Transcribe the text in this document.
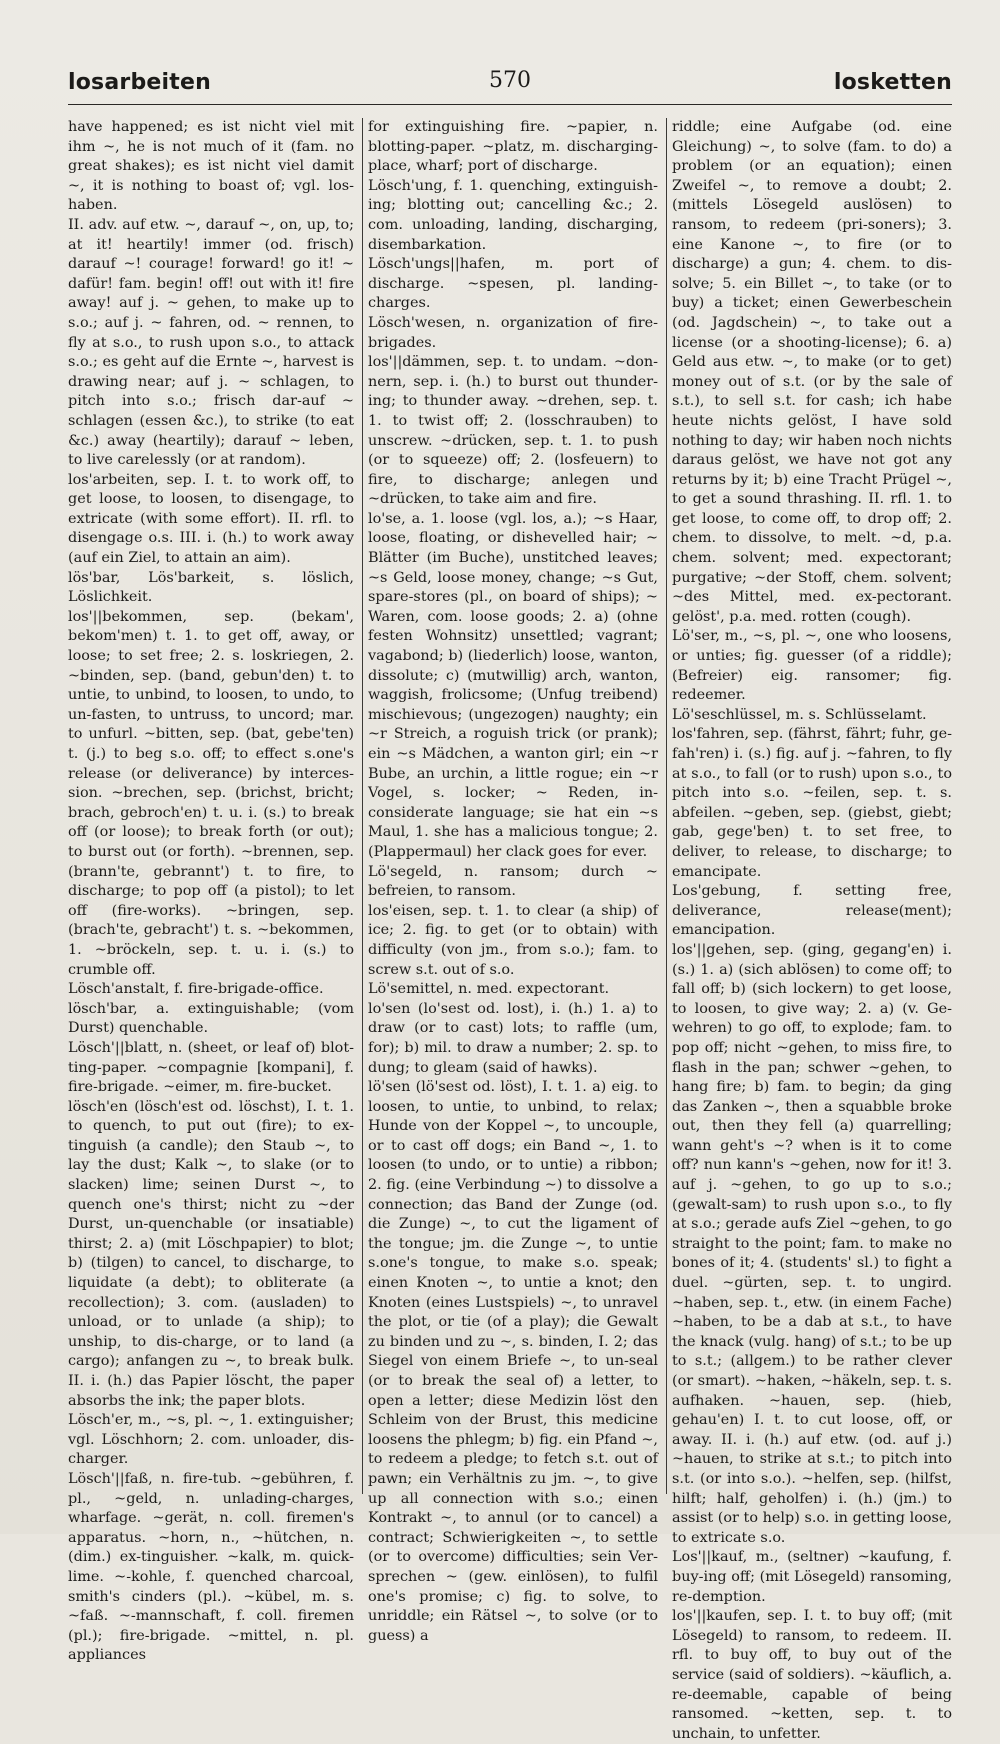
losarbeiten	570	losketten

have happened; es ist nicht viel mit ihm ~, he is not much of it (fam. no great shakes); es ist nicht viel damit ~, it is nothing to boast of; vgl. los-haben.

II. adv. auf etw. ~, darauf ~, on, up, to; at it! heartily! immer (od. frisch) darauf ~! courage! forward! go it! ~ dafür! fam. begin! off! out with it! fire away! auf j. ~ gehen, to make up to s.o.; auf j. ~ fahren, od. ~ rennen, to fly at s.o., to rush upon s.o., to attack s.o.; es geht auf die Ernte ~, harvest is drawing near; auf j. ~ schlagen, to pitch into s.o.; frisch dar-auf ~ schlagen (essen &c.), to strike (to eat &c.) away (heartily); darauf ~ leben, to live carelessly (or at random).

los'arbeiten, sep. I. t. to work off, to get loose, to loosen, to disengage, to extricate (with some effort). II. rfl. to disengage o.s. III. i. (h.) to work away (auf ein Ziel, to attain an aim).

lös'bar, Lös'barkeit, s. löslich, Löslichkeit.

los'||bekommen, sep. (bekam', bekom'men) t. 1. to get off, away, or loose; to set free; 2. s. loskriegen, 2. ~binden, sep. (band, gebun'den) t. to untie, to unbind, to loosen, to undo, to un-fasten, to untruss, to uncord; mar. to unfurl. ~bitten, sep. (bat, gebe'ten) t. (j.) to beg s.o. off; to effect s.one's release (or deliverance) by interces-sion. ~brechen, sep. (brichst, bricht; brach, gebroch'en) t. u. i. (s.) to break off (or loose); to break forth (or out); to burst out (or forth). ~brennen, sep. (brann'te, gebrannt') t. to fire, to discharge; to pop off (a pistol); to let off (fire-works). ~bringen, sep. (brach'te, gebracht') t. s. ~bekommen, 1. ~bröckeln, sep. t. u. i. (s.) to crumble off.

Lösch'anstalt, f. fire-brigade-office.

lösch'bar, a. extinguishable; (vom Durst) quenchable.

Lösch'||blatt, n. (sheet, or leaf of) blot-ting-paper. ~compagnie [kompani], f. fire-brigade. ~eimer, m. fire-bucket.

lösch'en (lösch'est od. löschst), I. t. 1. to quench, to put out (fire); to ex-tinguish (a candle); den Staub ~, to lay the dust; Kalk ~, to slake (or to slacken) lime; seinen Durst ~, to quench one's thirst; nicht zu ~der Durst, un-quenchable (or insatiable) thirst; 2. a) (mit Löschpapier) to blot; b) (tilgen) to cancel, to discharge, to liquidate (a debt); to obliterate (a recollection); 3. com. (ausladen) to unload, or to unlade (a ship); to unship, to dis-charge, or to land (a cargo); anfangen zu ~, to break bulk. II. i. (h.) das Papier löscht, the paper absorbs the ink; the paper blots.

Lösch'er, m., ~s, pl. ~, 1. extinguisher; vgl. Löschhorn; 2. com. unloader, dis-charger.

Lösch'||faß, n. fire-tub. ~gebühren, f. pl., ~geld, n. unlading-charges, wharfage. ~gerät, n. coll. firemen's apparatus. ~horn, n., ~hütchen, n. (dim.) ex-tinguisher. ~kalk, m. quick-lime. ~-kohle, f. quenched charcoal, smith's cinders (pl.). ~kübel, m. s. ~faß. ~-mannschaft, f. coll. firemen (pl.); fire-brigade. ~mittel, n. pl. appliances

for extinguishing fire. ~papier, n. blotting-paper. ~platz, m. discharging-place, wharf; port of discharge.

Lösch'ung, f. 1. quenching, extinguish-ing; blotting out; cancelling &c.; 2. com. unloading, landing, discharging, disembarkation.

Lösch'ungs||hafen, m. port of discharge. ~spesen, pl. landing-charges.

Lösch'wesen, n. organization of fire-brigades.

los'||dämmen, sep. t. to undam. ~don-nern, sep. i. (h.) to burst out thunder-ing; to thunder away. ~drehen, sep. t. 1. to twist off; 2. (losschrauben) to unscrew. ~drücken, sep. t. 1. to push (or to squeeze) off; 2. (losfeuern) to fire, to discharge; anlegen und ~drücken, to take aim and fire.

lo'se, a. 1. loose (vgl. los, a.); ~s Haar, loose, floating, or dishevelled hair; ~ Blätter (im Buche), unstitched leaves; ~s Geld, loose money, change; ~s Gut, spare-stores (pl., on board of ships); ~ Waren, com. loose goods; 2. a) (ohne festen Wohnsitz) unsettled; vagrant; vagabond; b) (liederlich) loose, wanton, dissolute; c) (mutwillig) arch, wanton, waggish, frolicsome; (Unfug treibend) mischievous; (ungezogen) naughty; ein ~r Streich, a roguish trick (or prank); ein ~s Mädchen, a wanton girl; ein ~r Bube, an urchin, a little rogue; ein ~r Vogel, s. locker; ~ Reden, in-considerate language; sie hat ein ~s Maul, 1. she has a malicious tongue; 2. (Plappermaul) her clack goes for ever.

Lö'segeld, n. ransom; durch ~ befreien, to ransom.

los'eisen, sep. t. 1. to clear (a ship) of ice; 2. fig. to get (or to obtain) with difficulty (von jm., from s.o.); fam. to screw s.t. out of s.o.

Lö'semittel, n. med. expectorant.

lo'sen (lo'sest od. lost), i. (h.) 1. a) to draw (or to cast) lots; to raffle (um, for); b) mil. to draw a number; 2. sp. to dung; to gleam (said of hawks).

lö'sen (lö'sest od. löst), I. t. 1. a) eig. to loosen, to untie, to unbind, to relax; Hunde von der Koppel ~, to uncouple, or to cast off dogs; ein Band ~, 1. to loosen (to undo, or to untie) a ribbon; 2. fig. (eine Verbindung ~) to dissolve a connection; das Band der Zunge (od. die Zunge) ~, to cut the ligament of the tongue; jm. die Zunge ~, to untie s.one's tongue, to make s.o. speak; einen Knoten ~, to untie a knot; den Knoten (eines Lustspiels) ~, to unravel the plot, or tie (of a play); die Gewalt zu binden und zu ~, s. binden, I. 2; das Siegel von einem Briefe ~, to un-seal (or to break the seal of) a letter, to open a letter; diese Medizin löst den Schleim von der Brust, this medicine loosens the phlegm; b) fig. ein Pfand ~, to redeem a pledge; to fetch s.t. out of pawn; ein Verhältnis zu jm. ~, to give up all connection with s.o.; einen Kontrakt ~, to annul (or to cancel) a contract; Schwierigkeiten ~, to settle (or to overcome) difficulties; sein Ver-sprechen ~ (gew. einlösen), to fulfil one's promise; c) fig. to solve, to unriddle; ein Rätsel ~, to solve (or to guess) a

riddle; eine Aufgabe (od. eine Gleichung) ~, to solve (fam. to do) a problem (or an equation); einen Zweifel ~, to remove a doubt; 2. (mittels Lösegeld auslösen) to ransom, to redeem (pri-soners); 3. eine Kanone ~, to fire (or to discharge) a gun; 4. chem. to dis-solve; 5. ein Billet ~, to take (or to buy) a ticket; einen Gewerbeschein (od. Jagdschein) ~, to take out a license (or a shooting-license); 6. a) Geld aus etw. ~, to make (or to get) money out of s.t. (or by the sale of s.t.), to sell s.t. for cash; ich habe heute nichts gelöst, I have sold nothing to day; wir haben noch nichts daraus gelöst, we have not got any returns by it; b) eine Tracht Prügel ~, to get a sound thrashing. II. rfl. 1. to get loose, to come off, to drop off; 2. chem. to dissolve, to melt. ~d, p.a. chem. solvent; med. expectorant; purgative; ~der Stoff, chem. solvent; ~des Mittel, med. ex-pectorant. gelöst', p.a. med. rotten (cough).

Lö'ser, m., ~s, pl. ~, one who loosens, or unties; fig. guesser (of a riddle); (Befreier) eig. ransomer; fig. redeemer.

Lö'seschlüssel, m. s. Schlüsselamt.

los'fahren, sep. (fährst, fährt; fuhr, ge-fah'ren) i. (s.) fig. auf j. ~fahren, to fly at s.o., to fall (or to rush) upon s.o., to pitch into s.o. ~feilen, sep. t. s. abfeilen. ~geben, sep. (giebst, giebt; gab, gege'ben) t. to set free, to deliver, to release, to discharge; to emancipate.

Los'gebung, f. setting free, deliverance, release(ment); emancipation.

los'||gehen, sep. (ging, gegang'en) i. (s.) 1. a) (sich ablösen) to come off; to fall off; b) (sich lockern) to get loose, to loosen, to give way; 2. a) (v. Ge-wehren) to go off, to explode; fam. to pop off; nicht ~gehen, to miss fire, to flash in the pan; schwer ~gehen, to hang fire; b) fam. to begin; da ging das Zanken ~, then a squabble broke out, then they fell (a) quarrelling; wann geht's ~? when is it to come off? nun kann's ~gehen, now for it! 3. auf j. ~gehen, to go up to s.o.; (gewalt-sam) to rush upon s.o., to fly at s.o.; gerade aufs Ziel ~gehen, to go straight to the point; fam. to make no bones of it; 4. (students' sl.) to fight a duel. ~gürten, sep. t. to ungird. ~haben, sep. t., etw. (in einem Fache) ~haben, to be a dab at s.t., to have the knack (vulg. hang) of s.t.; to be up to s.t.; (allgem.) to be rather clever (or smart). ~haken, ~häkeln, sep. t. s. aufhaken. ~hauen, sep. (hieb, gehau'en) I. t. to cut loose, off, or away. II. i. (h.) auf etw. (od. auf j.) ~hauen, to strike at s.t.; to pitch into s.t. (or into s.o.). ~helfen, sep. (hilfst, hilft; half, geholfen) i. (h.) (jm.) to assist (or to help) s.o. in getting loose, to extricate s.o.

Los'||kauf, m., (seltner) ~kaufung, f. buy-ing off; (mit Lösegeld) ransoming, re-demption.

los'||kaufen, sep. I. t. to buy off; (mit Lösegeld) to ransom, to redeem. II. rfl. to buy off, to buy out of the service (said of soldiers). ~käuflich, a. re-deemable, capable of being ransomed. ~ketten, sep. t. to unchain, to unfetter.
